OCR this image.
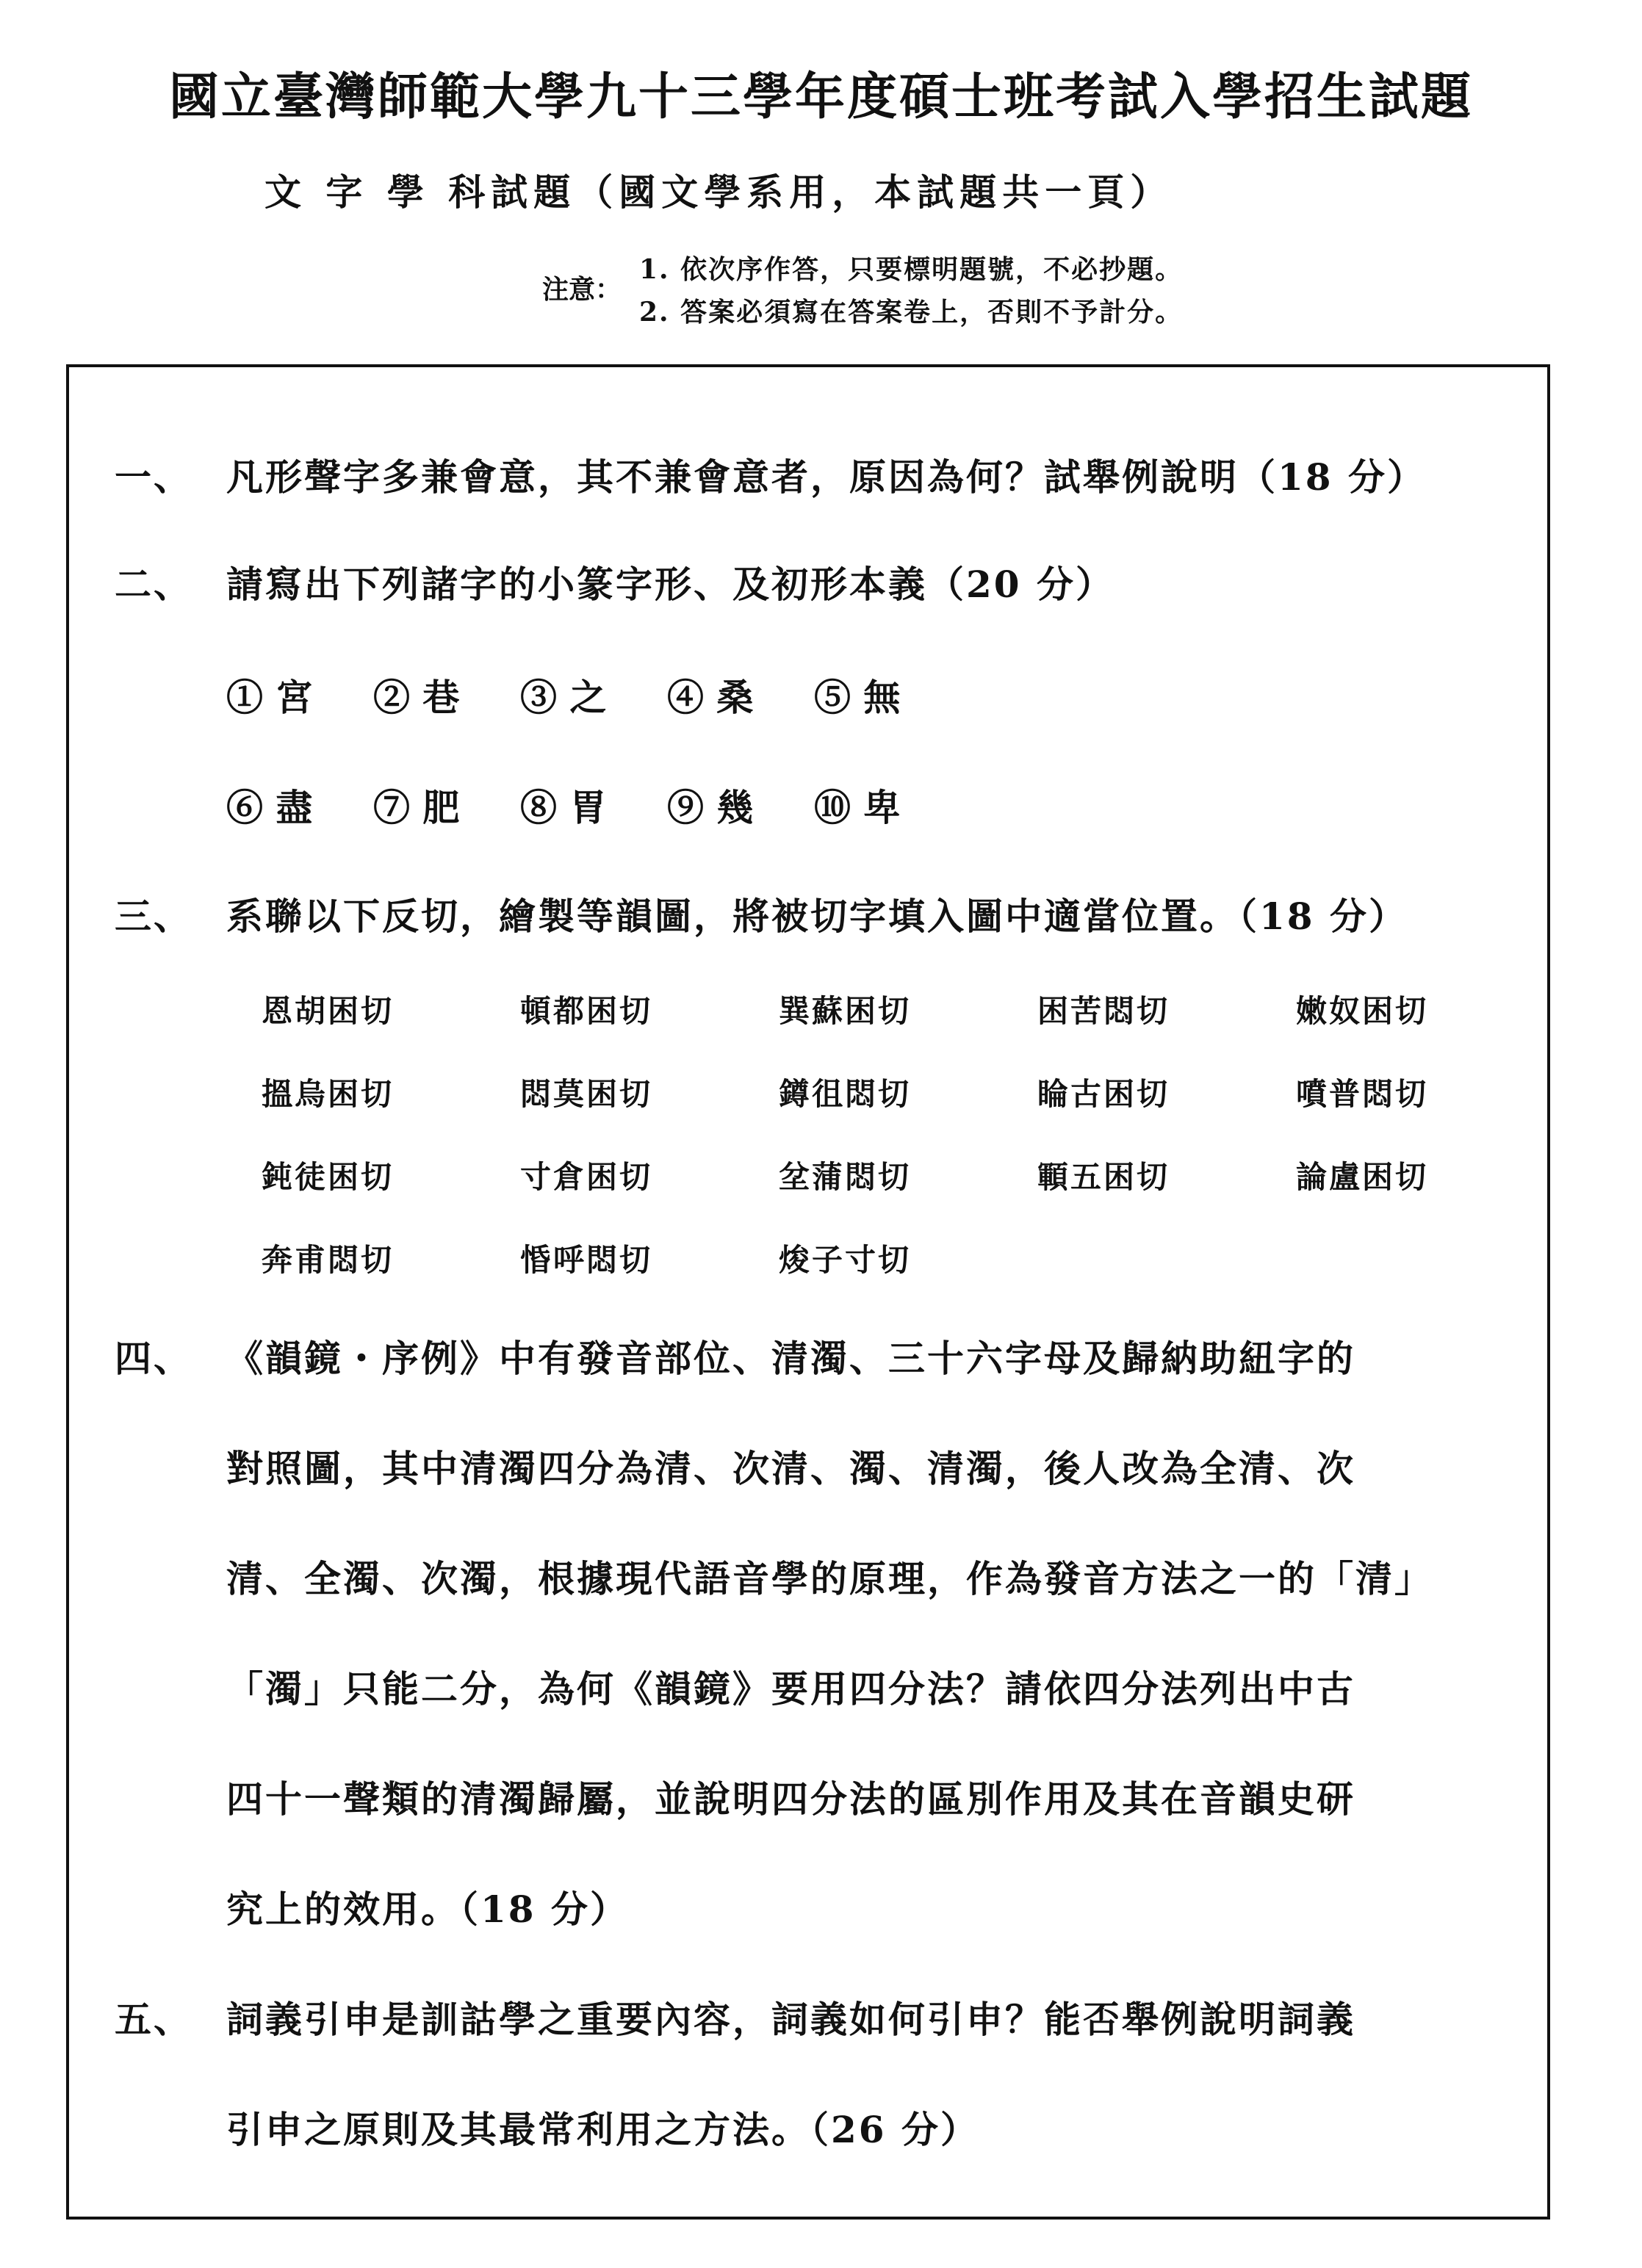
國立臺灣師範大學九十三學年度碩士班考試入學招生試題
文 字 學 科試題（國文學系用，本試題共一頁）
注意：
1. 依次序作答，只要標明題號，不必抄題。
2. 答案必須寫在答案卷上，否則不予計分。
一、 凡形聲字多兼會意，其不兼會意者，原因為何？試舉例說明（18 分）
二、 請寫出下列諸字的小篆字形、及初形本義（20 分）
① 宮 ② 巷 ③ 之 ④ 桑 ⑤ 無
⑥ 盡 ⑦ 肥 ⑧ 胃 ⑨ 幾 ⑩ 卑
三、 系聯以下反切，繪製等韻圖，將被切字填入圖中適當位置。（18 分）
恩胡困切	頓都困切	巽蘇困切	困苦悶切	嫩奴困切
搵烏困切	悶莫困切	鐏徂悶切	睔古困切	噴普悶切
鈍徒困切	寸倉困切	坌蒲悶切	顐五困切	論盧困切
奔甫悶切	惛呼悶切	焌子寸切
四、 《韻鏡・序例》中有發音部位、清濁、三十六字母及歸納助紐字的
對照圖，其中清濁四分為清、次清、濁、清濁，後人改為全清、次
清、全濁、次濁，根據現代語音學的原理，作為發音方法之一的「清」
「濁」只能二分，為何《韻鏡》要用四分法？請依四分法列出中古
四十一聲類的清濁歸屬，並說明四分法的區別作用及其在音韻史研
究上的效用。（18 分）
五、 詞義引申是訓詁學之重要內容，詞義如何引申？能否舉例說明詞義
引申之原則及其最常利用之方法。（26 分）
